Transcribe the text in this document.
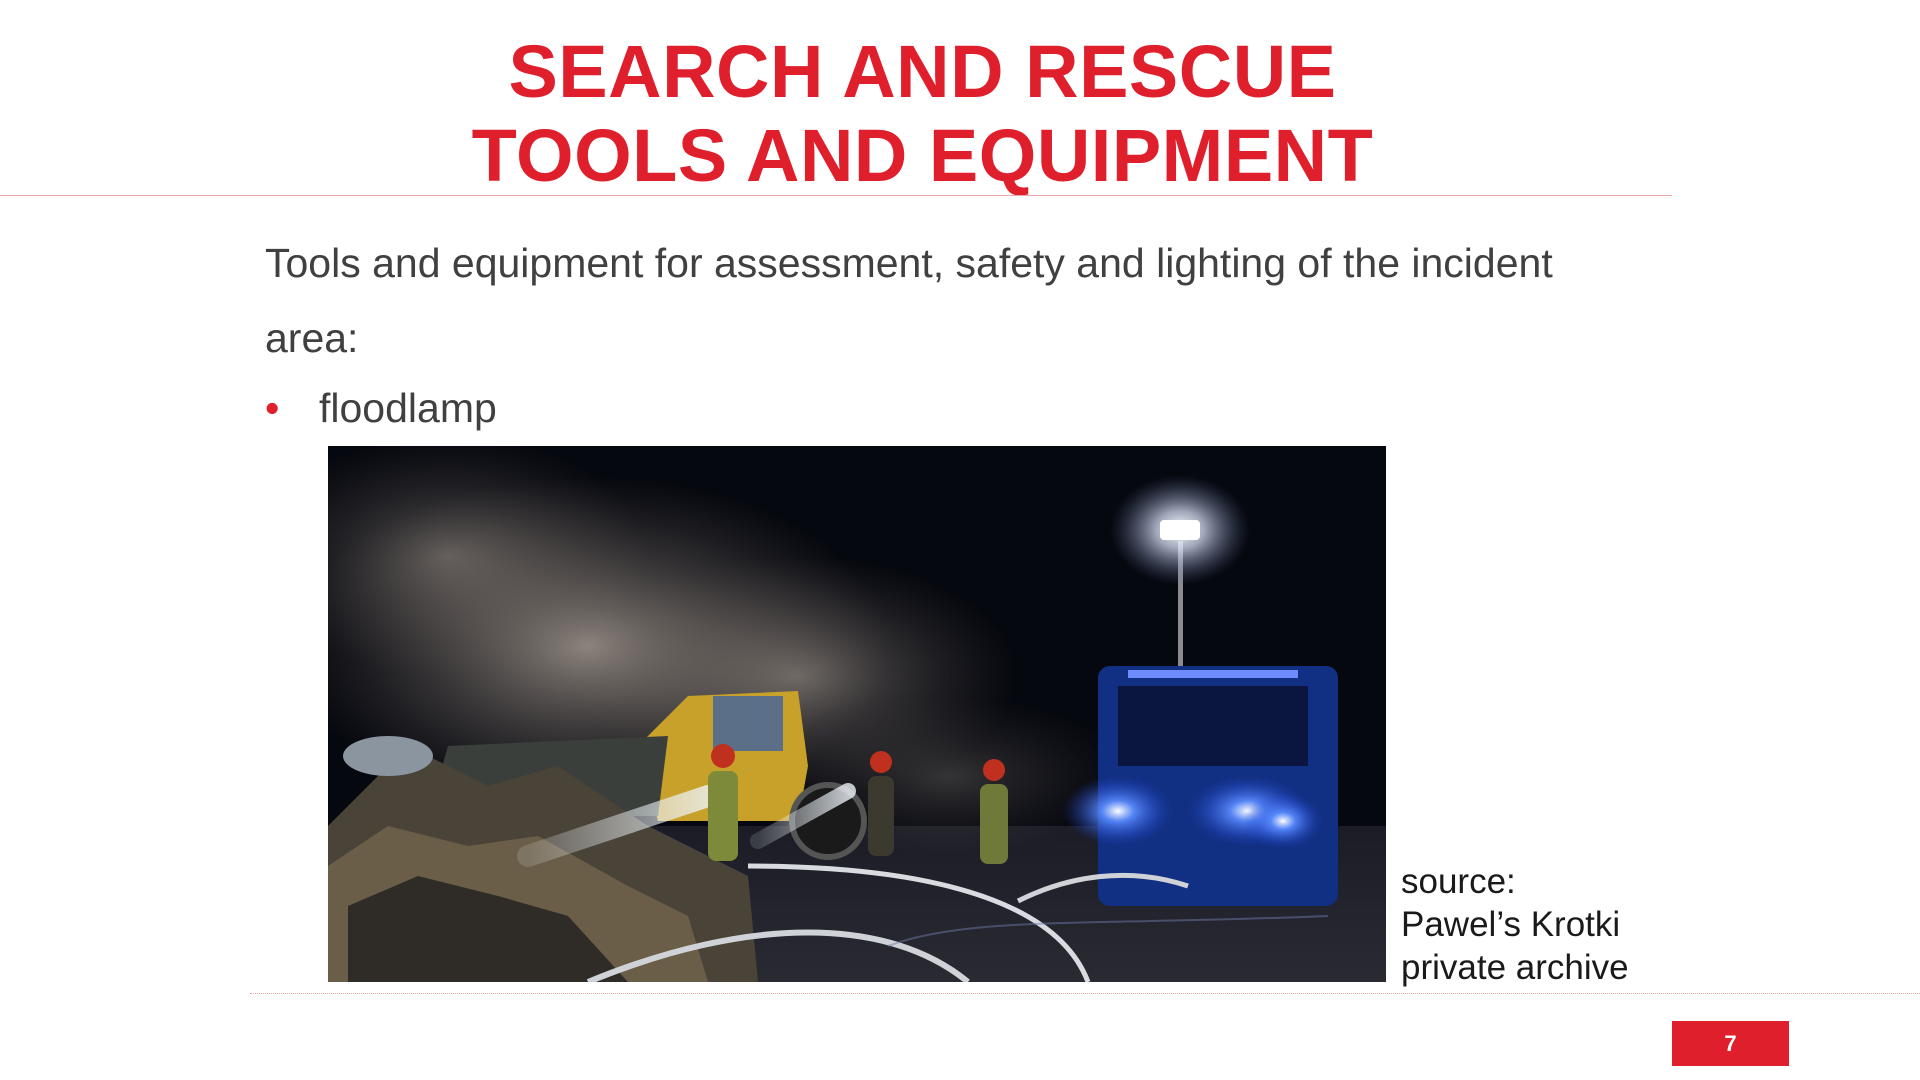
SEARCH AND RESCUE
TOOLS AND EQUIPMENT
Tools and equipment for assessment, safety and lighting of the incident
area:
• floodlamp
source:
Pawel’s Krotki
private archive
7
